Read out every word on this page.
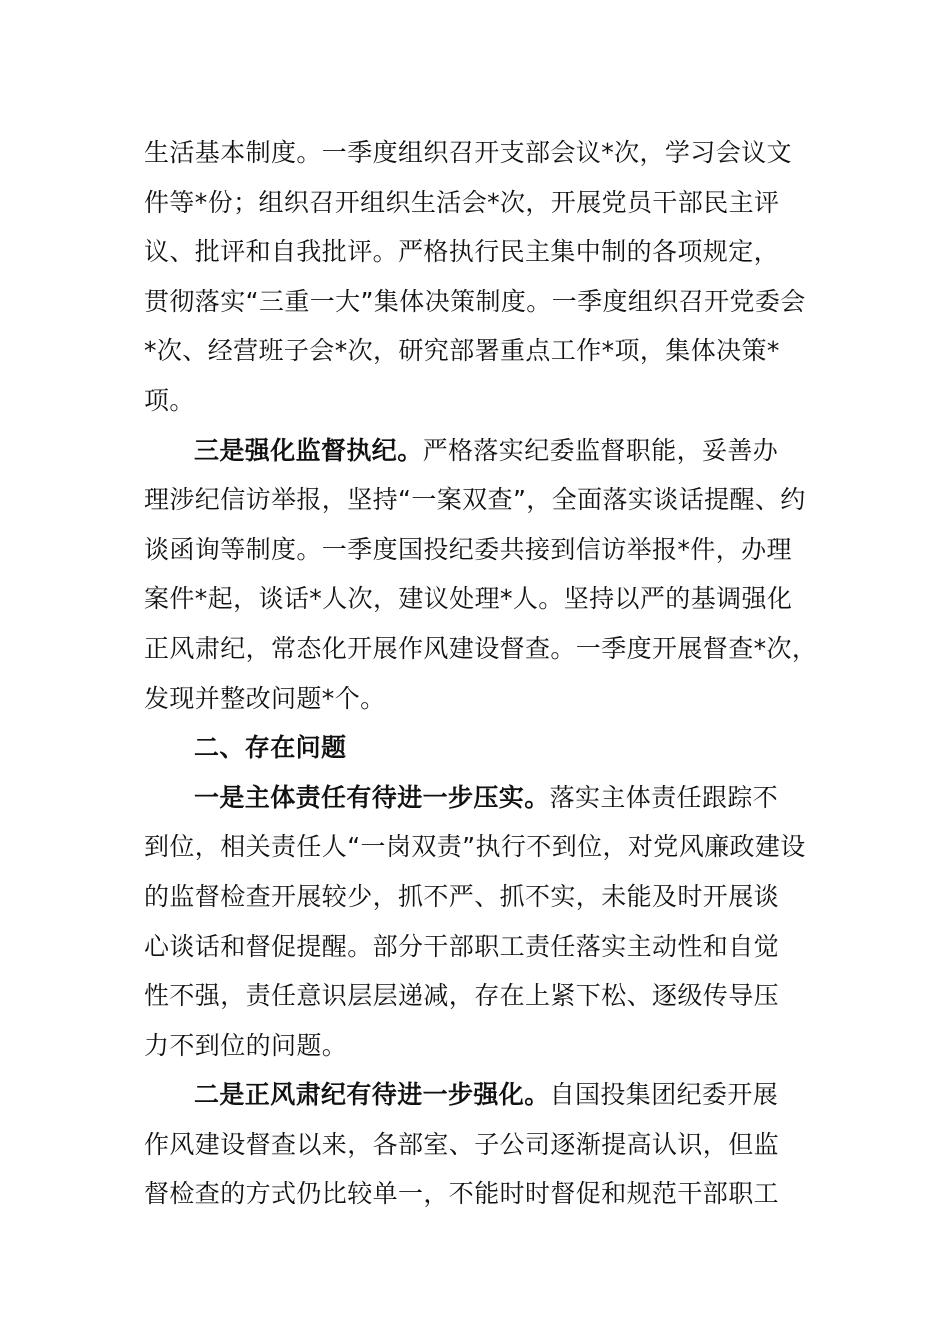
生活基本制度。一季度组织召开支部会议*次，学习会议文
件等*份；组织召开组织生活会*次，开展党员干部民主评
议、批评和自我批评。严格执行民主集中制的各项规定，
贯彻落实“三重一大”集体决策制度。一季度组织召开党委会
*次、经营班子会*次，研究部署重点工作*项，集体决策*
项。
三是强化监督执纪。严格落实纪委监督职能，妥善办
理涉纪信访举报，坚持“一案双查”，全面落实谈话提醒、约
谈函询等制度。一季度国投纪委共接到信访举报*件，办理
案件*起，谈话*人次，建议处理*人。坚持以严的基调强化
正风肃纪，常态化开展作风建设督查。一季度开展督查*次，
发现并整改问题*个。
二、存在问题
一是主体责任有待进一步压实。落实主体责任跟踪不
到位，相关责任人“一岗双责”执行不到位，对党风廉政建设
的监督检查开展较少，抓不严、抓不实，未能及时开展谈
心谈话和督促提醒。部分干部职工责任落实主动性和自觉
性不强，责任意识层层递减，存在上紧下松、逐级传导压
力不到位的问题。
二是正风肃纪有待进一步强化。自国投集团纪委开展
作风建设督查以来，各部室、子公司逐渐提高认识，但监
督检查的方式仍比较单一，不能时时督促和规范干部职工
